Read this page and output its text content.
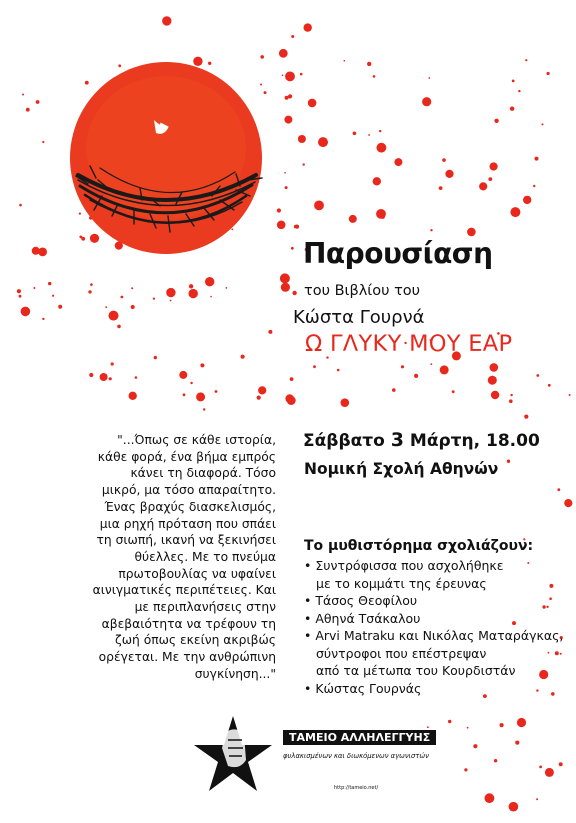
Παρουσίαση
του Βιβλίου του
Κώστα Γουρνά
Ω ΓΛΥΚΥ ΜΟΥ ΕΑΡ
Σάββατο 3 Μάρτη, 18.00
Νομική Σχολή Αθηνών
Το μυθιστόρημα σχολιάζουν:
• Συντρόφισσα που ασχολήθηκε
με το κομμάτι της έρευνας
• Τάσος Θεοφίλου
• Αθηνά Τσάκαλου
• Arvi Matraku και Νικόλας Ματαράγκας,
σύντροφοι που επέστρεψαν
από τα μέτωπα του Κουρδιστάν
• Κώστας Γουρνάς
"...Όπως σε κάθε ιστορία,
κάθε φορά, ένα βήμα εμπρός
κάνει τη διαφορά. Τόσο
μικρό, μα τόσο απαραίτητο.
Ένας βραχύς διασκελισμός,
μια ρηχή πρόταση που σπάει
τη σιωπή, ικανή να ξεκινήσει
θύελλες. Με το πνεύμα
πρωτοβουλίας να υφαίνει
αινιγματικές περιπέτειες. Και
με περιπλανήσεις στην
αβεβαιότητα να τρέφουν τη
ζωή όπως εκείνη ακριβώς
ορέγεται. Με την ανθρώπινη
συγκίνηση..."
ΤΑΜΕΙΟ ΑΛΛΗΛΕΓΓΥΗΣ
φυλακισμένων και διωκόμενων αγωνιστών
http://tameio.net/
